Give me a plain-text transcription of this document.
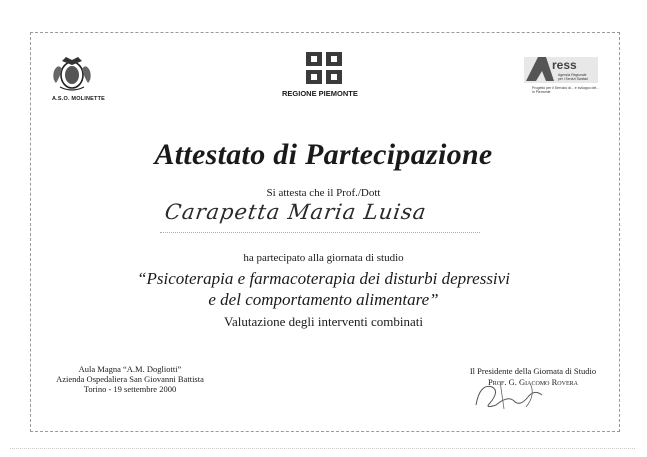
A.S.O. MOLINETTE
REGIONE PIEMONTE
ress
Agenzia Regionale
per i Servizi Sanitari
Progetto per il Servizio di... e sviluppo del... in Piemonte
Attestato di Partecipazione
Si attesta che il Prof./Dott
Carapetta Maria Luisa
ha partecipato alla giornata di studio
“Psicoterapia e farmacoterapia dei disturbi depressivi
e del comportamento alimentare”
Valutazione degli interventi combinati
Aula Magna “A.M. Dogliotti”
Azienda Ospedaliera San Giovanni Battista
Torino - 19 settembre 2000
Il Presidente della Giornata di Studio
Prof. G. Giacomo Rovera
